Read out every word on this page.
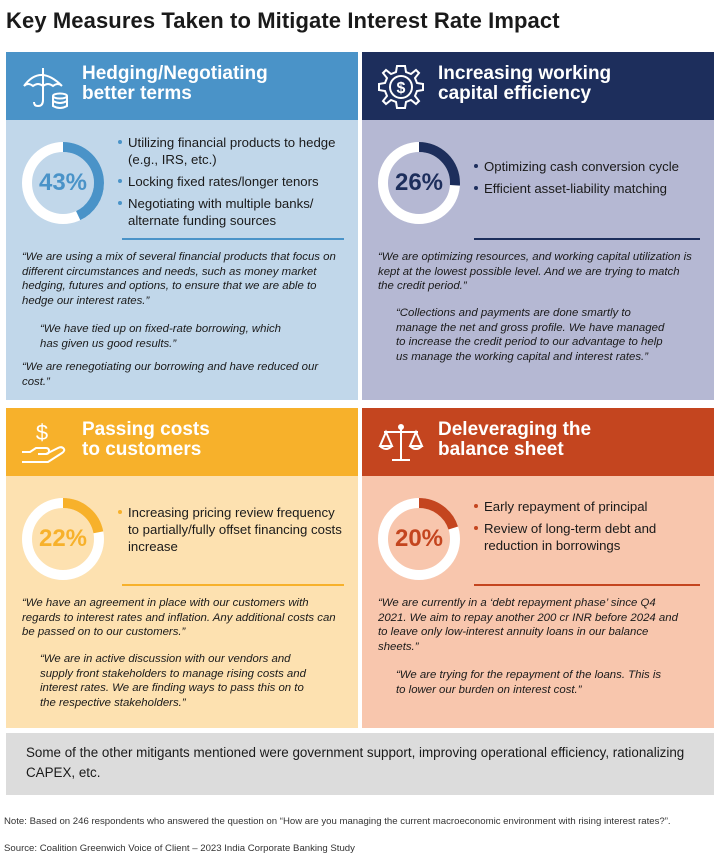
Key Measures Taken to Mitigate Interest Rate Impact
Hedging/Negotiating
better terms
43%
Utilizing financial products to hedge (e.g., IRS, etc.)
Locking fixed rates/longer tenors
Negotiating with multiple banks/ alternate funding sources
“We are using a mix of several financial products that focus on different circumstances and needs, such as money market hedging, futures and options, to ensure that we are able to hedge our interest rates.”
“We have tied up on fixed-rate borrowing, which has given us good results.”
“We are renegotiating our borrowing and have reduced our cost.”
$
Increasing working
capital efficiency
26%
Optimizing cash conversion cycle
Efficient asset-liability matching
“We are optimizing resources, and working capital utilization is kept at the lowest possible level. And we are trying to match the credit period.”
“Collections and payments are done smartly to manage the net and gross profile. We have managed to increase the credit period to our advantage to help us manage the working capital and interest rates.”
$ Passing costs
to customers
22%
Increasing pricing review frequency to partially/fully offset financing costs increase
“We have an agreement in place with our customers with regards to interest rates and inflation. Any additional costs can be passed on to our customers.”
“We are in active discussion with our vendors and supply front stakeholders to manage rising costs and interest rates. We are finding ways to pass this on to the respective stakeholders.”
Deleveraging the
balance sheet
20%
Early repayment of principal
Review of long-term debt and reduction in borrowings
“We are currently in a ‘debt repayment phase’ since Q4 2021. We aim to repay another 200 cr INR before 2024 and to leave only low-interest annuity loans in our balance sheets.”
“We are trying for the repayment of the loans. This is to lower our burden on interest cost.”

Some of the other mitigants mentioned were government support, improving operational efficiency, rationalizing CAPEX, etc.

Note: Based on 246 respondents who answered the question on “How are you managing the current macroeconomic environment with rising interest rates?”.
Source: Coalition Greenwich Voice of Client – 2023 India Corporate Banking Study
